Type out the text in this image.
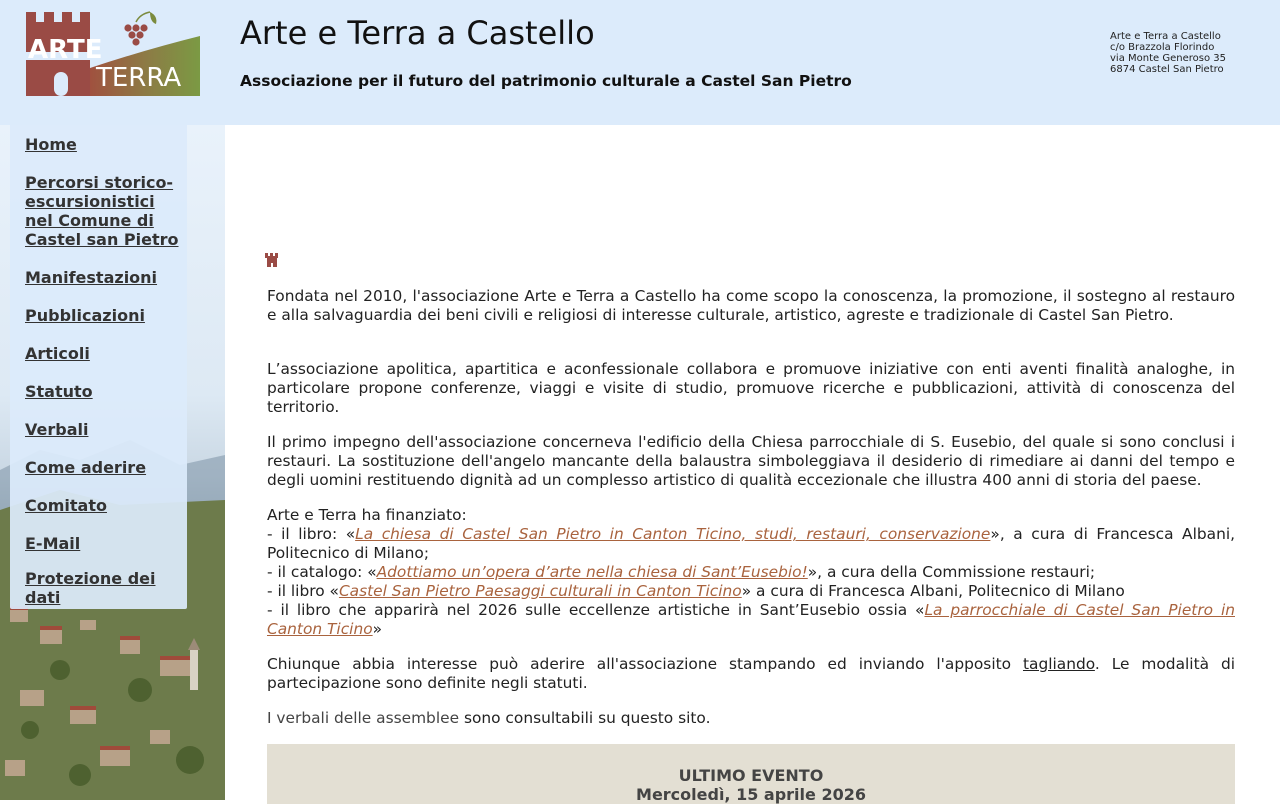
ARTE
TERRA
Arte e Terra a Castello
Associazione per il futuro del patrimonio culturale a Castel San Pietro
Arte e Terra a Castello
c/o Brazzola Florindo
via Monte Generoso 35
6874 Castel San Pietro
Home
Percorsi storico-escursionistici nel Comune di Castel san Pietro
Manifestazioni
Pubblicazioni
Articoli
Statuto
Verbali
Come aderire
Comitato
E-Mail
Protezione dei dati

Fondata nel 2010, l'associazione Arte e Terra a Castello ha come scopo la conoscenza, la promozione, il sostegno al restauro e alla salvaguardia dei beni civili e religiosi di interesse culturale, artistico, agreste e tradizionale di Castel San Pietro.

L’associazione apolitica, apartitica e aconfessionale collabora e promuove iniziative con enti aventi finalità analoghe, in particolare propone conferenze, viaggi e visite di studio, promuove ricerche e pubblicazioni, attività di conoscenza del territorio.

Il primo impegno dell'associazione concerneva l'edificio della Chiesa parrocchiale di S. Eusebio, del quale si sono conclusi i restauri. La sostituzione dell'angelo mancante della balaustra simboleggiava il desiderio di rimediare ai danni del tempo e degli uomini restituendo dignità ad un complesso artistico di qualità eccezionale che illustra 400 anni di storia del paese.

Arte e Terra ha finanziato:
- il libro: «La chiesa di Castel San Pietro in Canton Ticino, studi, restauri, conservazione», a cura di Francesca Albani, Politecnico di Milano;
- il catalogo: «Adottiamo un’opera d’arte nella chiesa di Sant’Eusebio!», a cura della Commissione restauri;
- il libro «Castel San Pietro Paesaggi culturali in Canton Ticino» a cura di Francesca Albani, Politecnico di Milano
- il libro che apparirà nel 2026 sulle eccellenze artistiche in Sant’Eusebio ossia «La parrocchiale di Castel San Pietro in Canton Ticino»

Chiunque abbia interesse può aderire all'associazione stampando ed inviando l'apposito tagliando. Le modalità di partecipazione sono definite negli statuti.

I verbali delle assemblee sono consultabili su questo sito.

ULTIMO EVENTO
Mercoledì, 15 aprile 2026
